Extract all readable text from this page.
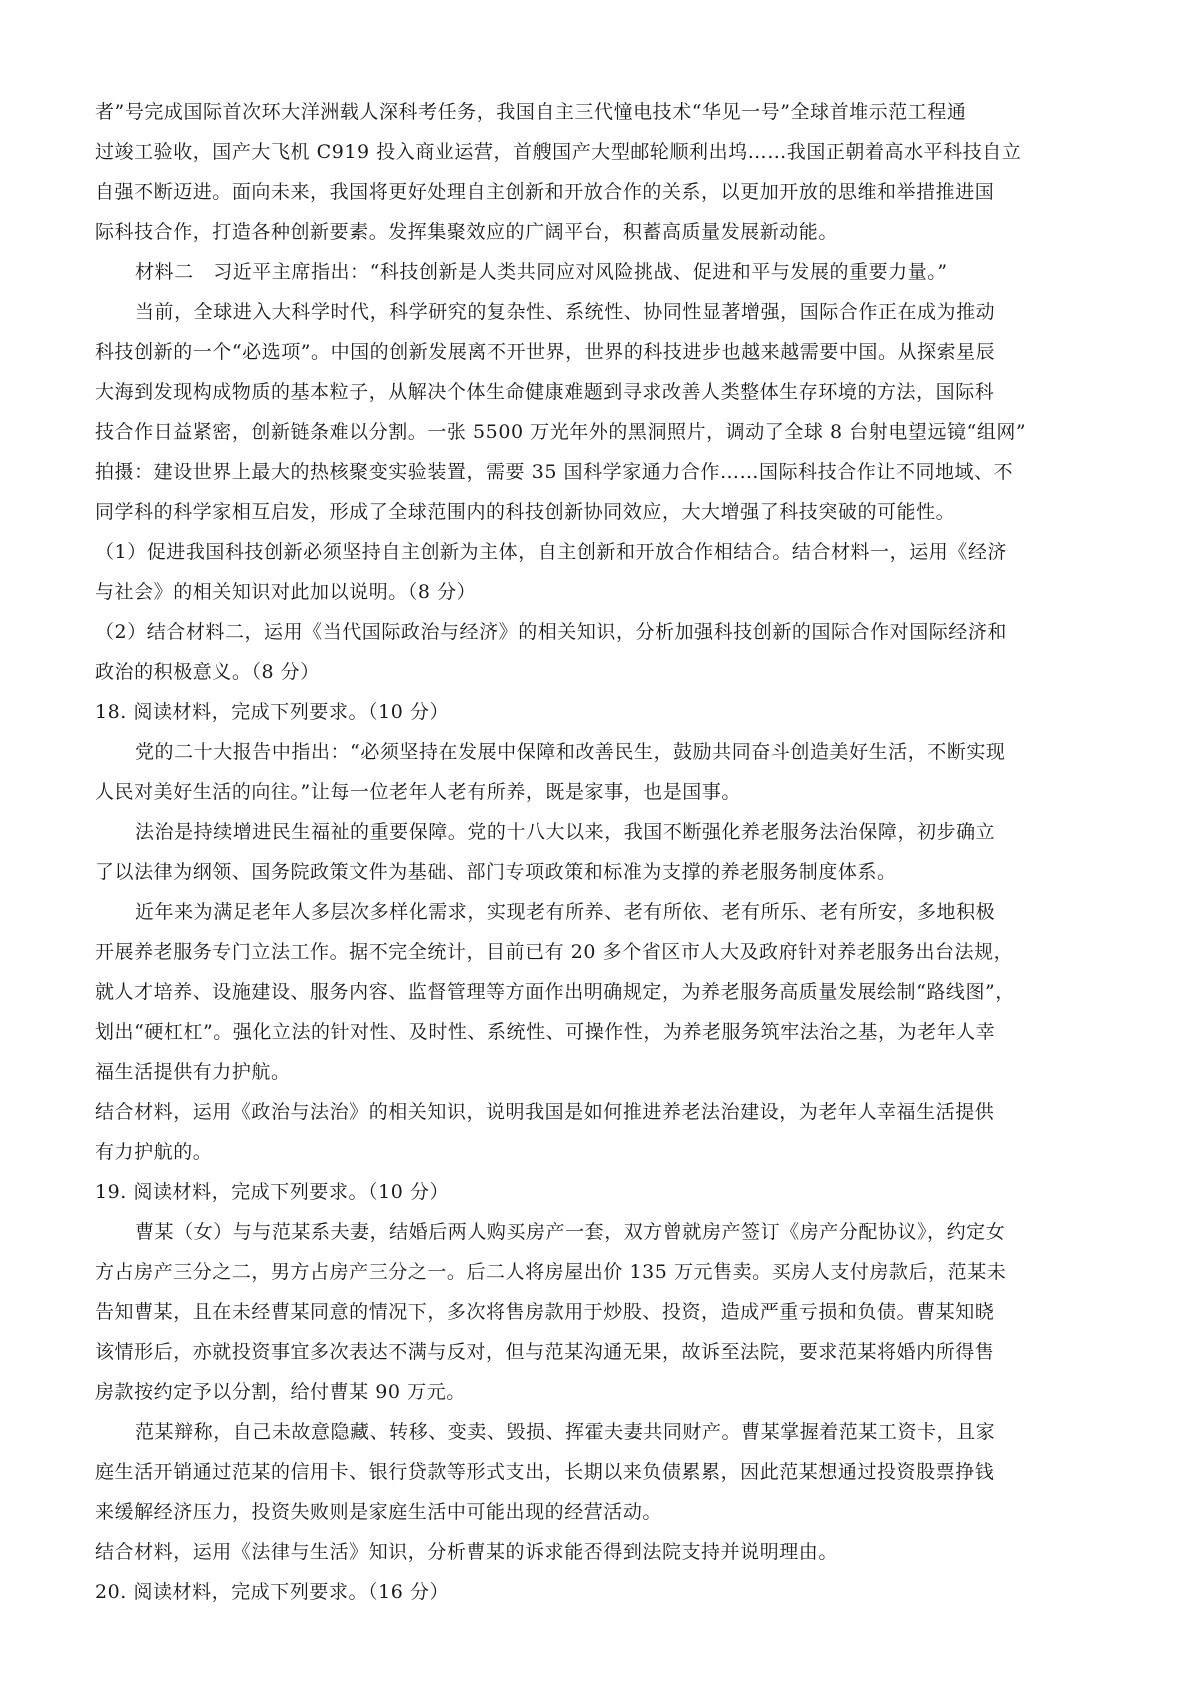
者”号完成国际首次环大洋洲载人深科考任务，我国自主三代憧电技术“华见一号”全球首堆示范工程通
过竣工验收，国产大飞机 C919 投入商业运营，首艘国产大型邮轮顺利出坞……我国正朝着高水平科技自立
自强不断迈进。面向未来，我国将更好处理自主创新和开放合作的关系，以更加开放的思维和举措推进国
际科技合作，打造各种创新要素。发挥集聚效应的广阔平台，积蓄高质量发展新动能。
材料二　习近平主席指出：“科技创新是人类共同应对风险挑战、促进和平与发展的重要力量。”
当前，全球进入大科学时代，科学研究的复杂性、系统性、协同性显著增强，国际合作正在成为推动
科技创新的一个“必选项”。中国的创新发展离不开世界，世界的科技进步也越来越需要中国。从探索星辰
大海到发现构成物质的基本粒子，从解决个体生命健康难题到寻求改善人类整体生存环境的方法，国际科
技合作日益紧密，创新链条难以分割。一张 5500 万光年外的黑洞照片，调动了全球 8 台射电望远镜“组网”
拍摄：建设世界上最大的热核聚变实验装置，需要 35 国科学家通力合作……国际科技合作让不同地域、不
同学科的科学家相互启发，形成了全球范围内的科技创新协同效应，大大增强了科技突破的可能性。
（1）促进我国科技创新必须坚持自主创新为主体，自主创新和开放合作相结合。结合材料一，运用《经济
与社会》的相关知识对此加以说明。（8 分）
（2）结合材料二，运用《当代国际政治与经济》的相关知识，分析加强科技创新的国际合作对国际经济和
政治的积极意义。（8 分）
18. 阅读材料，完成下列要求。（10 分）
党的二十大报告中指出：“必须坚持在发展中保障和改善民生，鼓励共同奋斗创造美好生活，不断实现
人民对美好生活的向往。”让每一位老年人老有所养，既是家事，也是国事。
法治是持续增进民生福祉的重要保障。党的十八大以来，我国不断强化养老服务法治保障，初步确立
了以法律为纲领、国务院政策文件为基础、部门专项政策和标准为支撑的养老服务制度体系。
近年来为满足老年人多层次多样化需求，实现老有所养、老有所依、老有所乐、老有所安，多地积极
开展养老服务专门立法工作。据不完全统计，目前已有 20 多个省区市人大及政府针对养老服务出台法规，
就人才培养、设施建设、服务内容、监督管理等方面作出明确规定，为养老服务高质量发展绘制“路线图”，
划出“硬杠杠”。强化立法的针对性、及时性、系统性、可操作性，为养老服务筑牢法治之基，为老年人幸
福生活提供有力护航。
结合材料，运用《政治与法治》的相关知识，说明我国是如何推进养老法治建设，为老年人幸福生活提供
有力护航的。
19. 阅读材料，完成下列要求。（10 分）
曹某（女）与与范某系夫妻，结婚后两人购买房产一套，双方曾就房产签订《房产分配协议》，约定女
方占房产三分之二，男方占房产三分之一。后二人将房屋出价 135 万元售卖。买房人支付房款后，范某未
告知曹某，且在未经曹某同意的情况下，多次将售房款用于炒股、投资，造成严重亏损和负债。曹某知晓
该情形后，亦就投资事宜多次表达不满与反对，但与范某沟通无果，故诉至法院，要求范某将婚内所得售
房款按约定予以分割，给付曹某 90 万元。
范某辩称，自己未故意隐藏、转移、变卖、毁损、挥霍夫妻共同财产。曹某掌握着范某工资卡，且家
庭生活开销通过范某的信用卡、银行贷款等形式支出，长期以来负债累累，因此范某想通过投资股票挣钱
来缓解经济压力，投资失败则是家庭生活中可能出现的经营活动。
结合材料，运用《法律与生活》知识，分析曹某的诉求能否得到法院支持并说明理由。
20. 阅读材料，完成下列要求。（16 分）
